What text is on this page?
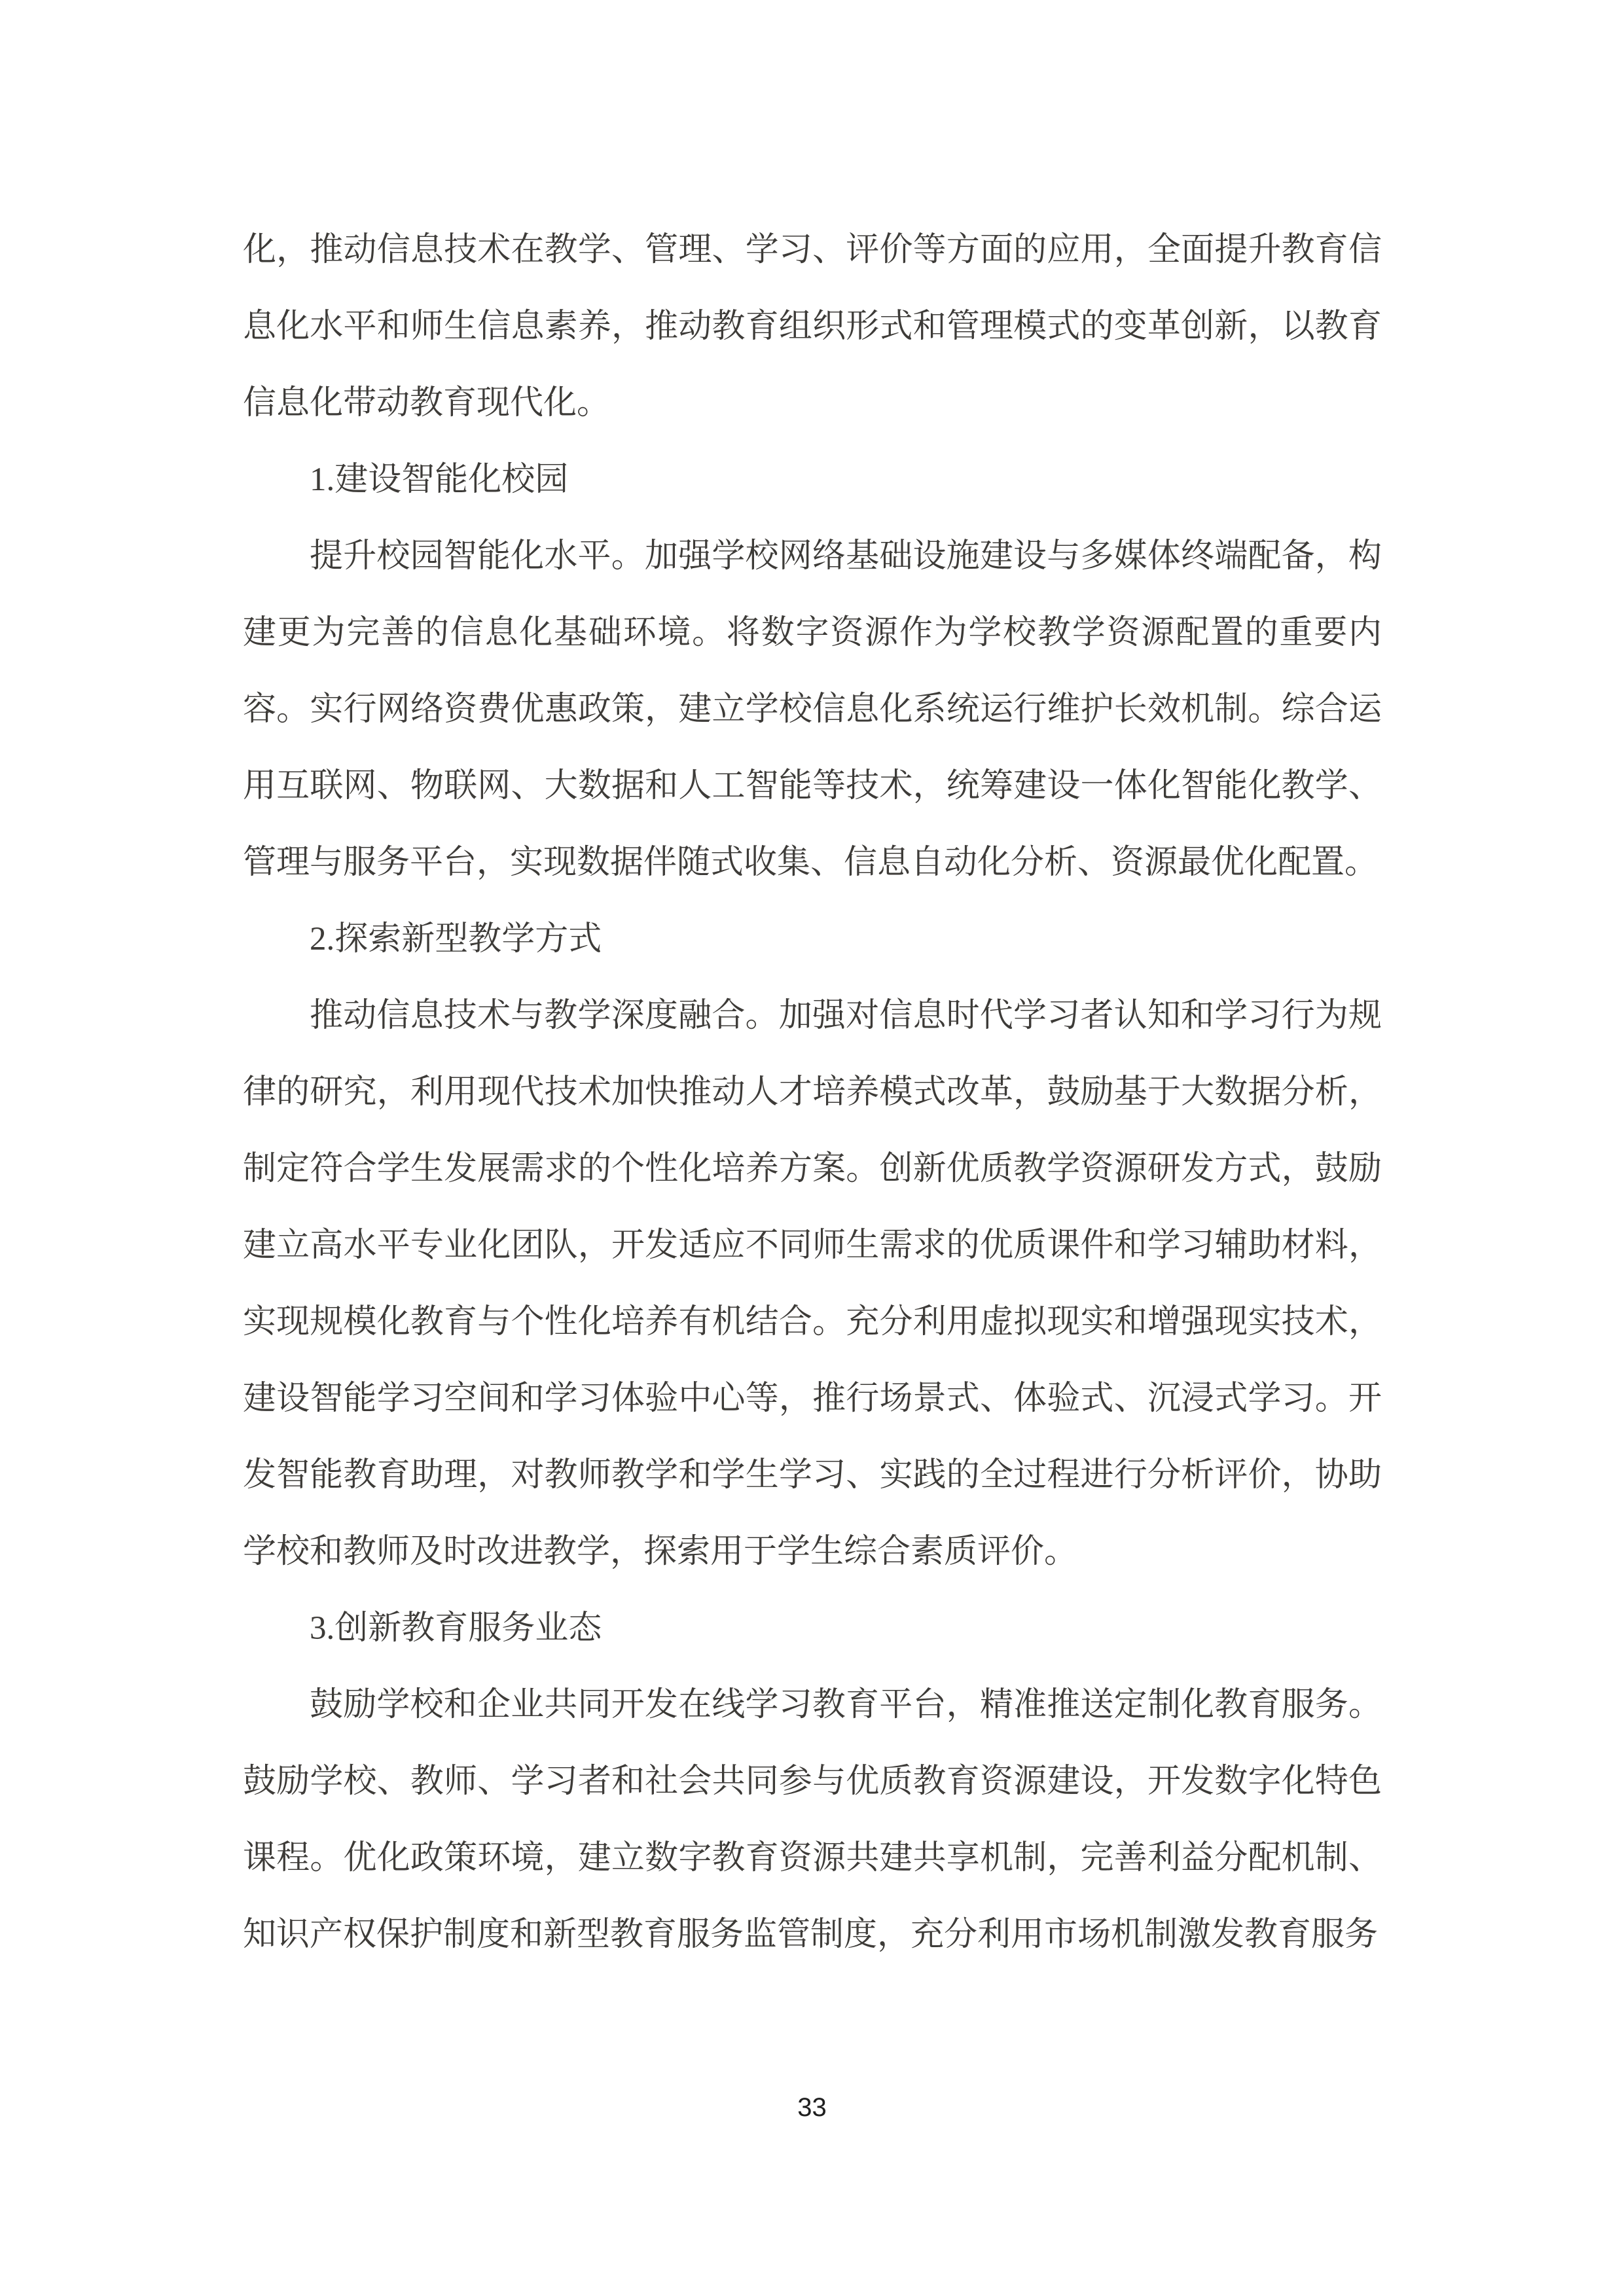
化，推动信息技术在教学、管理、学习、评价等方面的应用，全面提升教育信
息化水平和师生信息素养，推动教育组织形式和管理模式的变革创新，以教育
信息化带动教育现代化。
1.建设智能化校园
提升校园智能化水平。加强学校网络基础设施建设与多媒体终端配备，构
建更为完善的信息化基础环境。将数字资源作为学校教学资源配置的重要内
容。实行网络资费优惠政策，建立学校信息化系统运行维护长效机制。综合运
用互联网、物联网、大数据和人工智能等技术，统筹建设一体化智能化教学、
管理与服务平台，实现数据伴随式收集、信息自动化分析、资源最优化配置。
2.探索新型教学方式
推动信息技术与教学深度融合。加强对信息时代学习者认知和学习行为规
律的研究，利用现代技术加快推动人才培养模式改革，鼓励基于大数据分析，
制定符合学生发展需求的个性化培养方案。创新优质教学资源研发方式，鼓励
建立高水平专业化团队，开发适应不同师生需求的优质课件和学习辅助材料，
实现规模化教育与个性化培养有机结合。充分利用虚拟现实和增强现实技术，
建设智能学习空间和学习体验中心等，推行场景式、体验式、沉浸式学习。开
发智能教育助理，对教师教学和学生学习、实践的全过程进行分析评价，协助
学校和教师及时改进教学，探索用于学生综合素质评价。
3.创新教育服务业态
鼓励学校和企业共同开发在线学习教育平台，精准推送定制化教育服务。
鼓励学校、教师、学习者和社会共同参与优质教育资源建设，开发数字化特色
课程。优化政策环境，建立数字教育资源共建共享机制，完善利益分配机制、
知识产权保护制度和新型教育服务监管制度，充分利用市场机制激发教育服务
33
